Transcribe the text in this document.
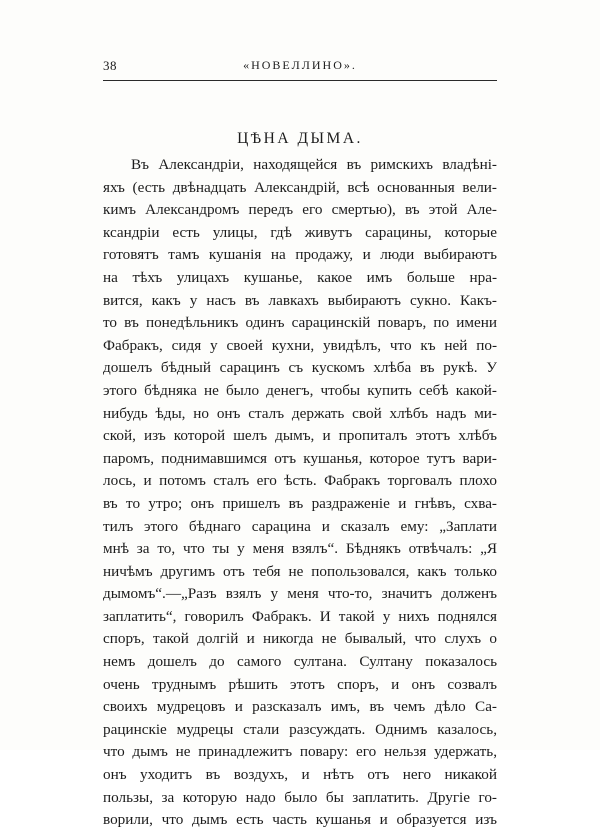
38	«НОВЕЛЛИНО».
ЦѢНА ДЫМА.
Въ Александріи, находящейся въ римскихъ владѣні-
яхъ (есть двѣнадцать Александрій, всѣ основанныя вели-
кимъ Александромъ передъ его смертью), въ этой Але-
ксандріи есть улицы, гдѣ живутъ сарацины, которые
готовятъ тамъ кушанія на продажу, и люди выбираютъ
на тѣхъ улицахъ кушанье, какое имъ больше нра-
вится, какъ у насъ въ лавкахъ выбираютъ сукно. Какъ-
то въ понедѣльникъ одинъ сарацинскій поваръ, по имени
Фабракъ, сидя у своей кухни, увидѣлъ, что къ ней по-
дошелъ бѣдный сарацинъ съ кускомъ хлѣба въ рукѣ. У
этого бѣдняка не было денегъ, чтобы купить себѣ какой-
нибудь ѣды, но онъ сталъ держать свой хлѣбъ надъ ми-
ской, изъ которой шелъ дымъ, и пропиталъ этотъ хлѣбъ
паромъ, поднимавшимся отъ кушанья, которое тутъ вари-
лось, и потомъ сталъ его ѣсть. Фабракъ торговалъ плохо
въ то утро; онъ пришелъ въ раздраженіе и гнѣвъ, схва-
тилъ этого бѣднаго сарацина и сказалъ ему: „Заплати
мнѣ за то, что ты у меня взялъ“. Бѣднякъ отвѣчалъ: „Я
ничѣмъ другимъ отъ тебя не попользовался, какъ только
дымомъ“.—„Разъ взялъ у меня что-то, значитъ долженъ
заплатить“, говорилъ Фабракъ. И такой у нихъ поднялся
споръ, такой долгій и никогда не бывалый, что слухъ о
немъ дошелъ до самого султана. Султану показалось
очень труднымъ рѣшить этотъ споръ, и онъ созвалъ
своихъ мудрецовъ и разсказалъ имъ, въ чемъ дѣло Са-
рацинскіе мудрецы стали разсуждать. Однимъ казалось,
что дымъ не принадлежитъ повару: его нельзя удержать,
онъ уходитъ въ воздухъ, и нѣтъ отъ него никакой
пользы, за которую надо было бы заплатить. Другіе го-
ворили, что дымъ есть часть кушанья и образуется изъ
